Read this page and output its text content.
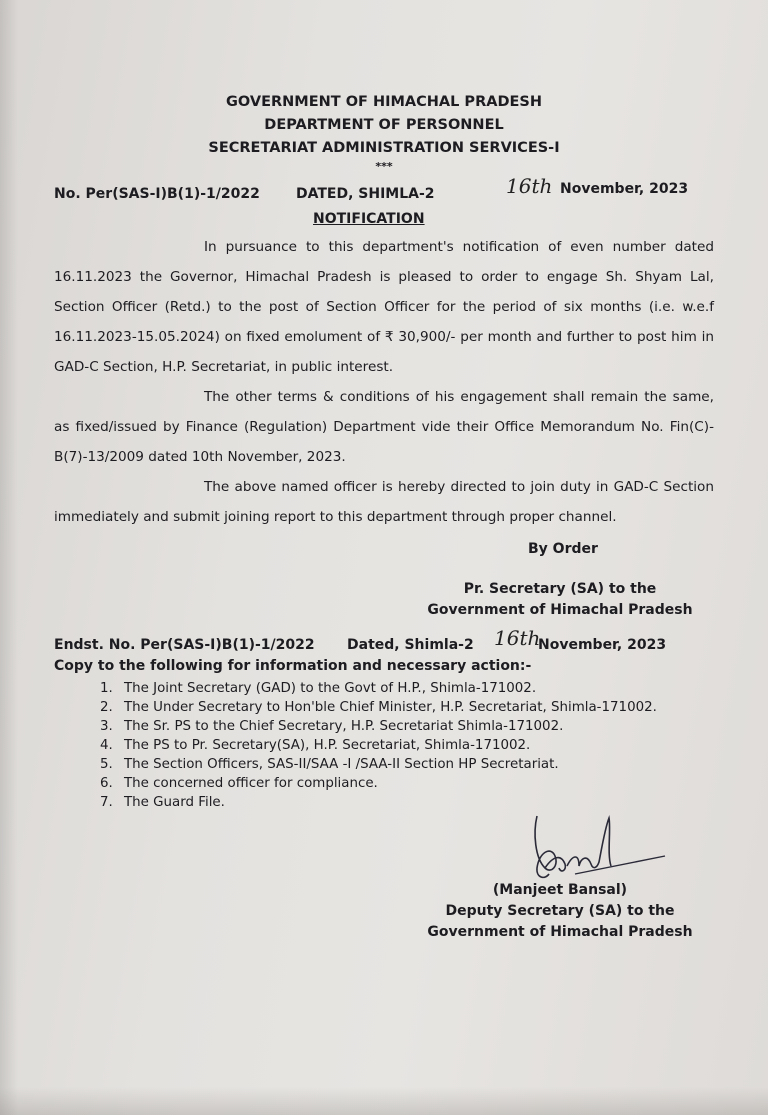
GOVERNMENT OF HIMACHAL PRADESH
DEPARTMENT OF PERSONNEL
SECRETARIAT ADMINISTRATION SERVICES-I
***
No. Per(SAS-I)B(1)-1/2022	DATED, SHIMLA-2	16th November, 2023
NOTIFICATION

In pursuance to this department's notification of even number dated 16.11.2023 the Governor, Himachal Pradesh is pleased to order to engage Sh. Shyam Lal, Section Officer (Retd.) to the post of Section Officer for the period of six months (i.e. w.e.f 16.11.2023-15.05.2024) on fixed emolument of ₹ 30,900/- per month and further to post him in GAD-C Section, H.P. Secretariat, in public interest.

The other terms & conditions of his engagement shall remain the same, as fixed/issued by Finance (Regulation) Department vide their Office Memorandum No. Fin(C)-B(7)-13/2009 dated 10th November, 2023.

The above named officer is hereby directed to join duty in GAD-C Section immediately and submit joining report to this department through proper channel.

By Order
Pr. Secretary (SA) to the
Government of Himachal Pradesh
Endst. No. Per(SAS-I)B(1)-1/2022 Dated, Shimla-2 16th
November, 2023
Copy to the following for information and necessary action:-
1. The Joint Secretary (GAD) to the Govt of H.P., Shimla-171002.
2. The Under Secretary to Hon'ble Chief Minister, H.P. Secretariat, Shimla-171002.
3. The Sr. PS to the Chief Secretary, H.P. Secretariat Shimla-171002.
4. The PS to Pr. Secretary(SA), H.P. Secretariat, Shimla-171002.
5. The Section Officers, SAS-II/SAA -I /SAA-II Section HP Secretariat.
6. The concerned officer for compliance.
7. The Guard File.
(Manjeet Bansal)
Deputy Secretary (SA) to the
Government of Himachal Pradesh
